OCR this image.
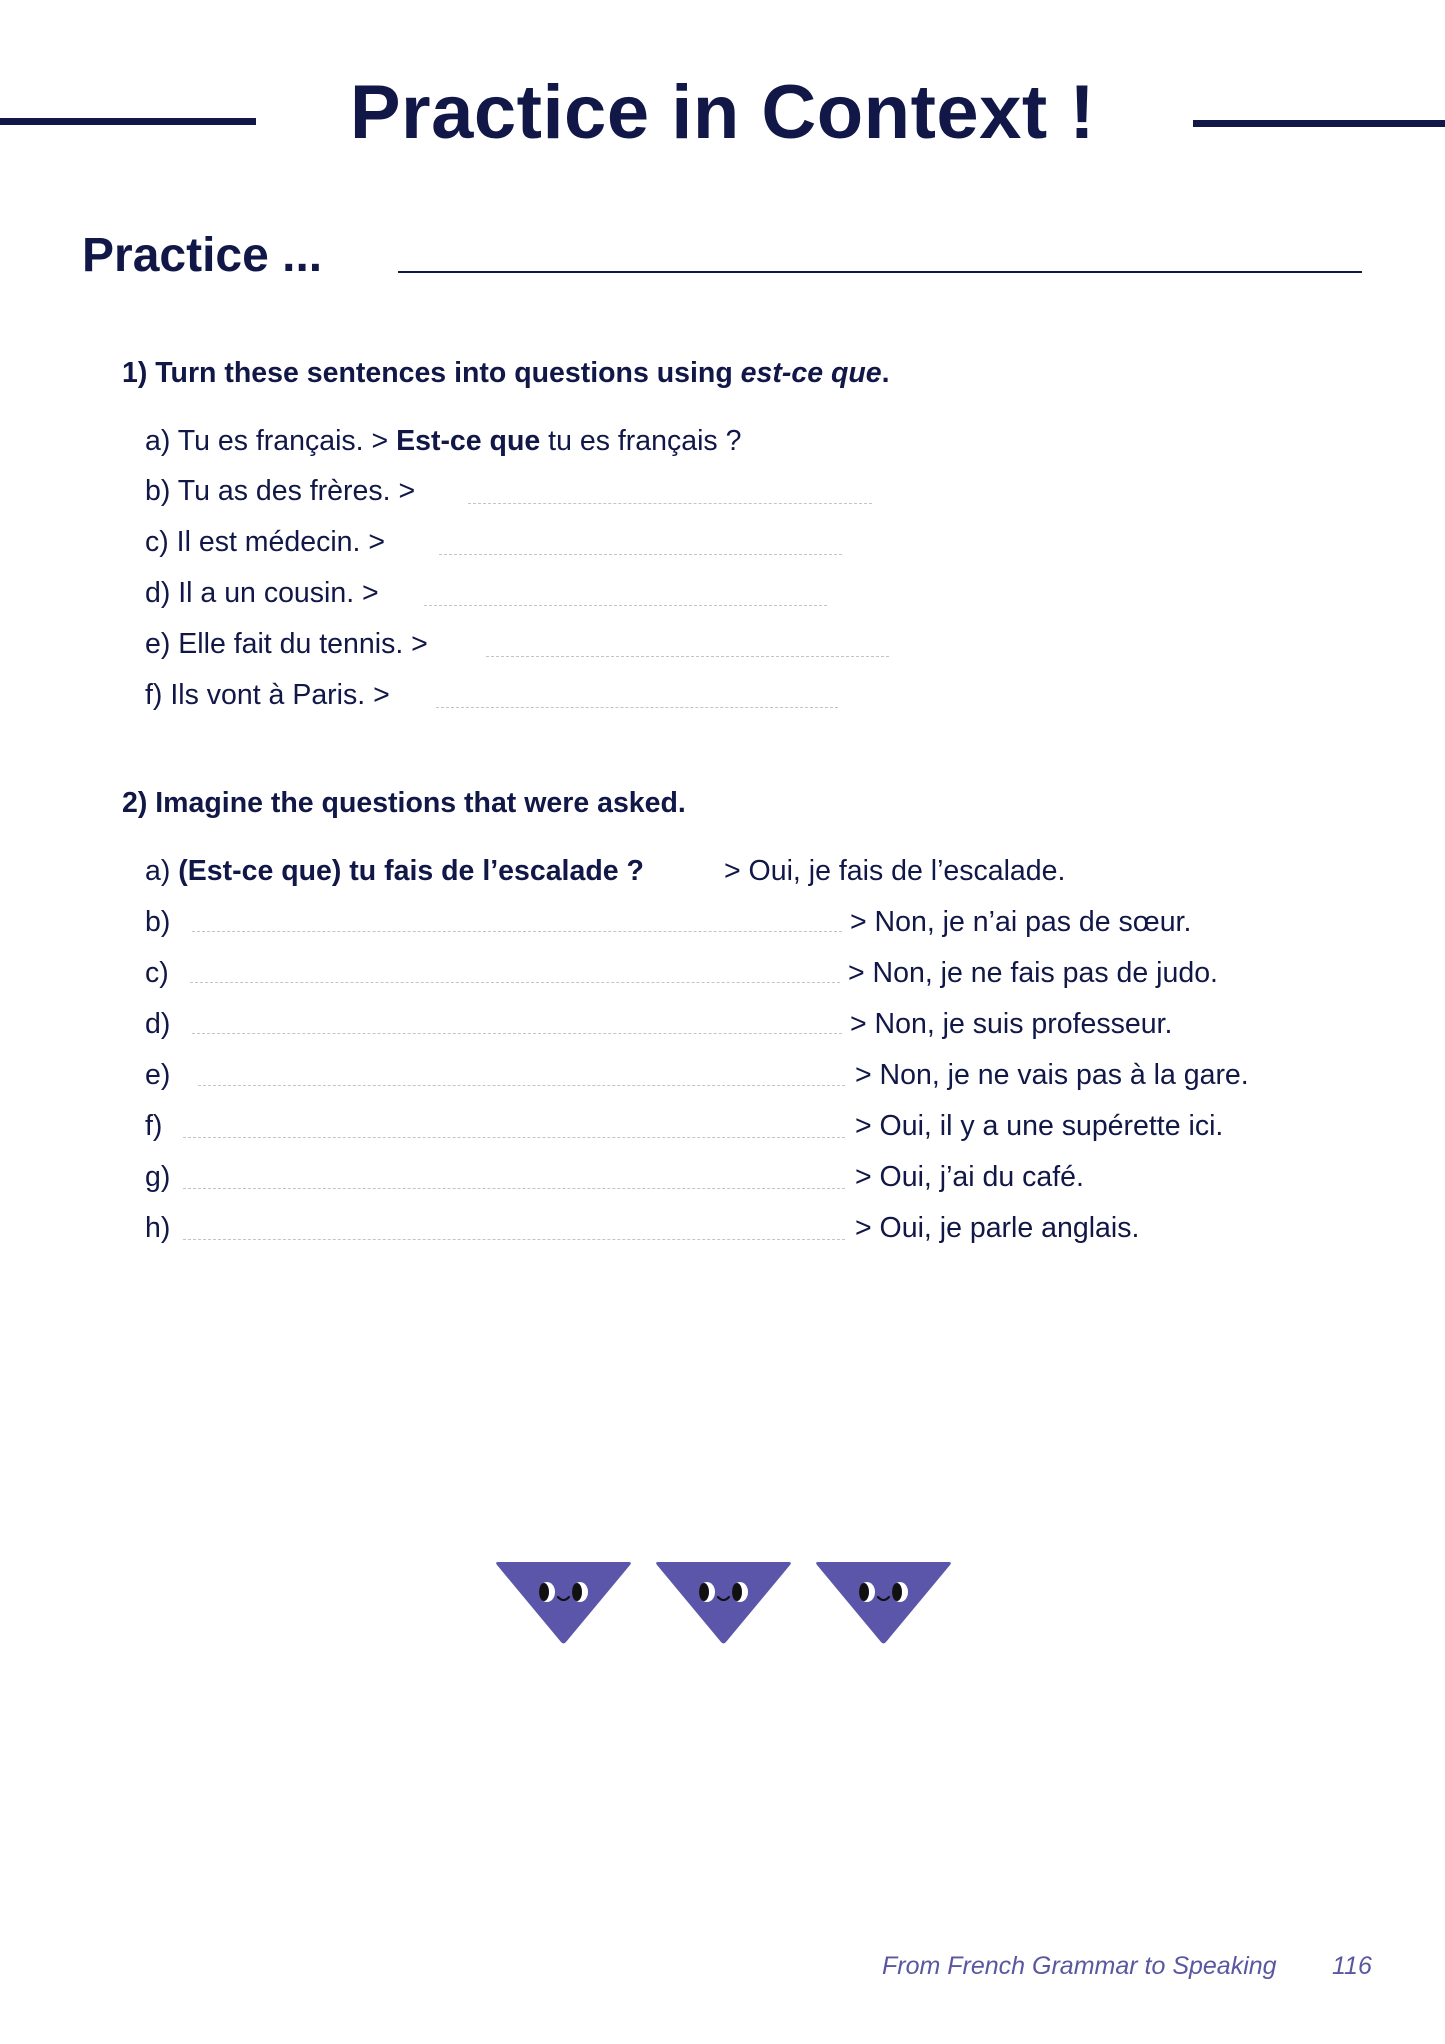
Practice in Context !
Practice ...
1) Turn these sentences into questions using est-ce que.
a) Tu es français. > Est-ce que tu es français ?
b) Tu as des frères. >
c) Il est médecin. >
d) Il a un cousin. >
e) Elle fait du tennis. >
f) Ils vont à Paris. >
2) Imagine the questions that were asked.
a) (Est-ce que) tu fais de l’escalade ?	> Oui, je fais de l’escalade.
b)	> Non, je n’ai pas de sœur.
c)	> Non, je ne fais pas de judo.
d)	> Non, je suis professeur.
e)	> Non, je ne vais pas à la gare.
f)	> Oui, il y a une supérette ici.
g)	> Oui, j’ai du café.
h)	> Oui, je parle anglais.
From French Grammar to Speaking 116
